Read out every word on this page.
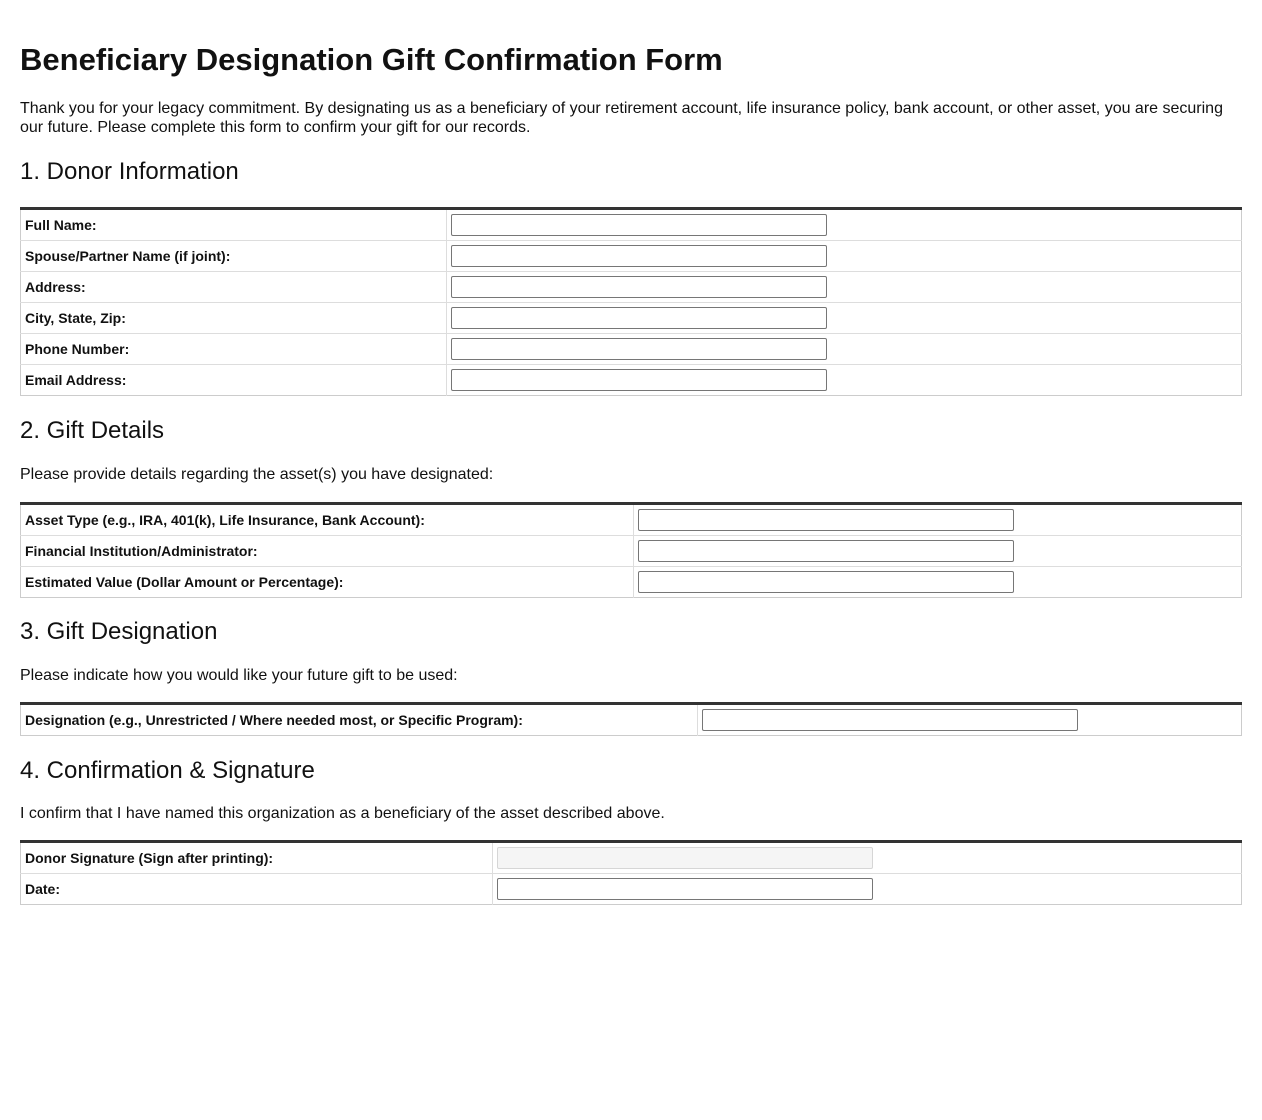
Beneficiary Designation Gift Confirmation Form

Thank you for your legacy commitment. By designating us as a beneficiary of your retirement account, life insurance policy, bank account, or other asset, you are securing our future. Please complete this form to confirm your gift for our records.

1. Donor Information
Full Name:	

Spouse/Partner Name (if joint):	

Address:	

City, State, Zip:	

Phone Number:	

Email Address:	
2. Gift Details

Please provide details regarding the asset(s) you have designated:

Asset Type (e.g., IRA, 401(k), Life Insurance, Bank Account):	

Financial Institution/Administrator:	

Estimated Value (Dollar Amount or Percentage):	
3. Gift Designation

Please indicate how you would like your future gift to be used:

Designation (e.g., Unrestricted / Where needed most, or Specific Program):	
4. Confirmation & Signature

I confirm that I have named this organization as a beneficiary of the asset described above.

Donor Signature (Sign after printing):	

Date:	
